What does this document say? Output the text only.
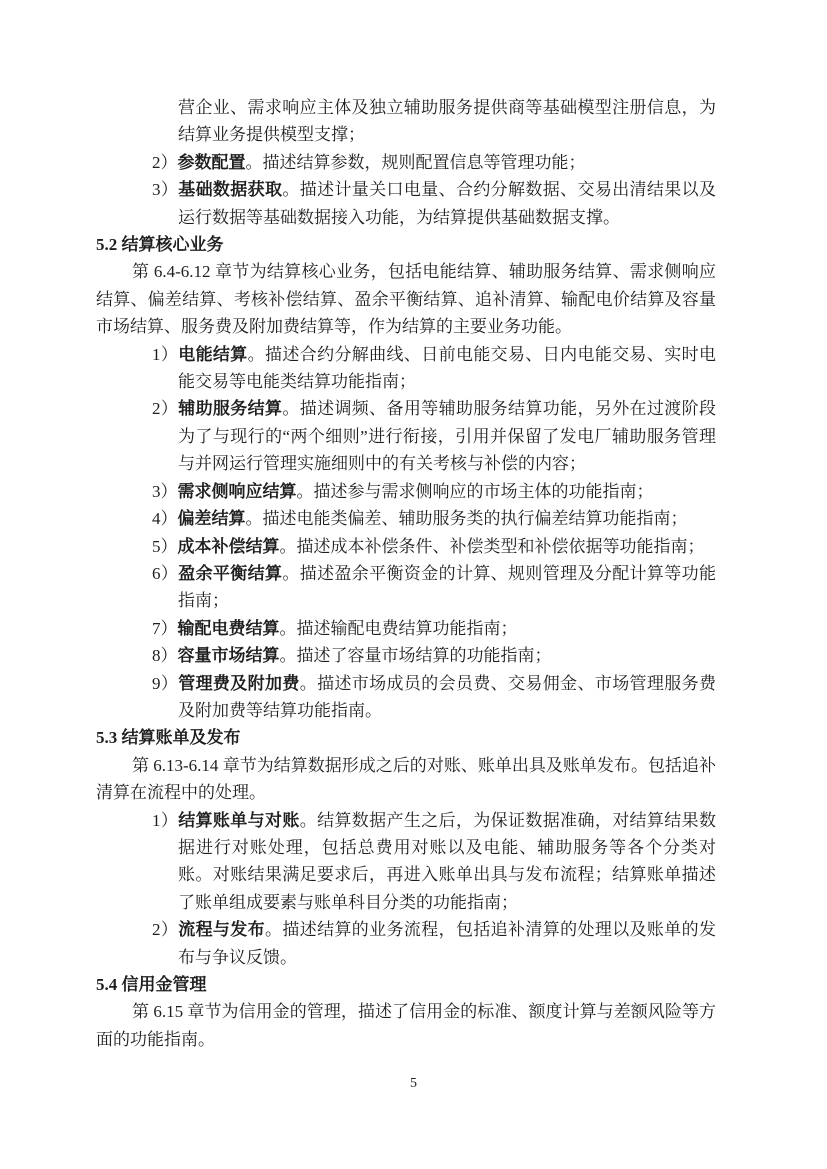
营企业、需求响应主体及独立辅助服务提供商等基础模型注册信息，为结算业务提供模型支撑；
2）参数配置。描述结算参数，规则配置信息等管理功能；
3）基础数据获取。描述计量关口电量、合约分解数据、交易出清结果以及运行数据等基础数据接入功能，为结算提供基础数据支撑。
5.2 结算核心业务
第 6.4-6.12 章节为结算核心业务，包括电能结算、辅助服务结算、需求侧响应结算、偏差结算、考核补偿结算、盈余平衡结算、追补清算、输配电价结算及容量市场结算、服务费及附加费结算等，作为结算的主要业务功能。
1）电能结算。描述合约分解曲线、日前电能交易、日内电能交易、实时电能交易等电能类结算功能指南；
2）辅助服务结算。描述调频、备用等辅助服务结算功能，另外在过渡阶段为了与现行的“两个细则”进行衔接，引用并保留了发电厂辅助服务管理与并网运行管理实施细则中的有关考核与补偿的内容；
3）需求侧响应结算。描述参与需求侧响应的市场主体的功能指南；
4）偏差结算。描述电能类偏差、辅助服务类的执行偏差结算功能指南；
5）成本补偿结算。描述成本补偿条件、补偿类型和补偿依据等功能指南；
6）盈余平衡结算。描述盈余平衡资金的计算、规则管理及分配计算等功能指南；
7）输配电费结算。描述输配电费结算功能指南；
8）容量市场结算。描述了容量市场结算的功能指南；
9）管理费及附加费。描述市场成员的会员费、交易佣金、市场管理服务费及附加费等结算功能指南。
5.3 结算账单及发布
第 6.13-6.14 章节为结算数据形成之后的对账、账单出具及账单发布。包括追补清算在流程中的处理。
1）结算账单与对账。结算数据产生之后，为保证数据准确，对结算结果数据进行对账处理，包括总费用对账以及电能、辅助服务等各个分类对账。对账结果满足要求后，再进入账单出具与发布流程；结算账单描述了账单组成要素与账单科目分类的功能指南；
2）流程与发布。描述结算的业务流程，包括追补清算的处理以及账单的发布与争议反馈。
5.4 信用金管理
第 6.15 章节为信用金的管理，描述了信用金的标准、额度计算与差额风险等方面的功能指南。
5
